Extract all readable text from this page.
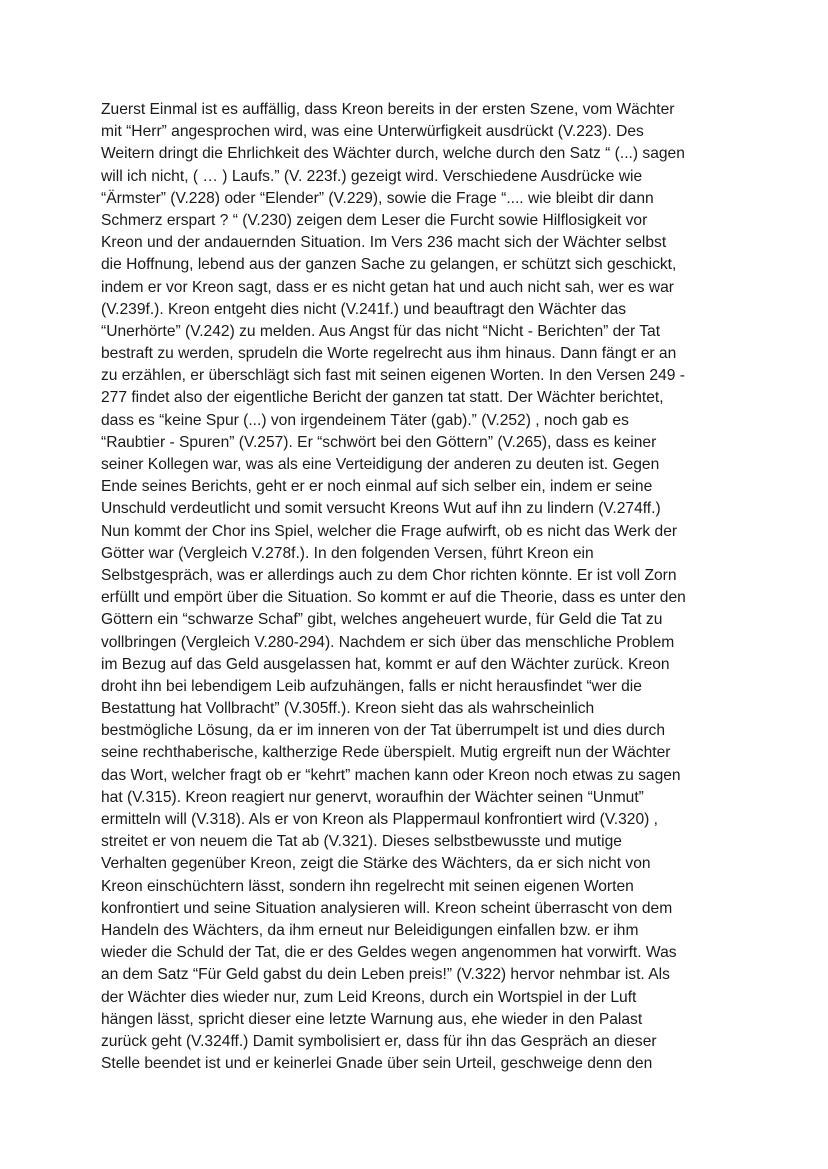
Zuerst Einmal ist es auffällig, dass Kreon bereits in der ersten Szene, vom Wächter
mit “Herr” angesprochen wird, was eine Unterwürfigkeit ausdrückt (V.223). Des
Weitern dringt die Ehrlichkeit des Wächter durch, welche durch den Satz “ (...) sagen
will ich nicht, ( … ) Laufs.” (V. 223f.) gezeigt wird. Verschiedene Ausdrücke wie
“Ärmster” (V.228) oder “Elender” (V.229), sowie die Frage “.... wie bleibt dir dann
Schmerz erspart ? “ (V.230) zeigen dem Leser die Furcht sowie Hilflosigkeit vor
Kreon und der andauernden Situation. Im Vers 236 macht sich der Wächter selbst
die Hoffnung, lebend aus der ganzen Sache zu gelangen, er schützt sich geschickt,
indem er vor Kreon sagt, dass er es nicht getan hat und auch nicht sah, wer es war
(V.239f.). Kreon entgeht dies nicht (V.241f.) und beauftragt den Wächter das
“Unerhörte” (V.242) zu melden. Aus Angst für das nicht “Nicht - Berichten” der Tat
bestraft zu werden, sprudeln die Worte regelrecht aus ihm hinaus. Dann fängt er an
zu erzählen, er überschlägt sich fast mit seinen eigenen Worten. In den Versen 249 -
277 findet also der eigentliche Bericht der ganzen tat statt. Der Wächter berichtet,
dass es “keine Spur (...) von irgendeinem Täter (gab).” (V.252) , noch gab es
“Raubtier - Spuren” (V.257). Er “schwört bei den Göttern” (V.265), dass es keiner
seiner Kollegen war, was als eine Verteidigung der anderen zu deuten ist. Gegen
Ende seines Berichts, geht er er noch einmal auf sich selber ein, indem er seine
Unschuld verdeutlicht und somit versucht Kreons Wut auf ihn zu lindern (V.274ff.)
Nun kommt der Chor ins Spiel, welcher die Frage aufwirft, ob es nicht das Werk der
Götter war (Vergleich V.278f.). In den folgenden Versen, führt Kreon ein
Selbstgespräch, was er allerdings auch zu dem Chor richten könnte. Er ist voll Zorn
erfüllt und empört über die Situation. So kommt er auf die Theorie, dass es unter den
Göttern ein “schwarze Schaf” gibt, welches angeheuert wurde, für Geld die Tat zu
vollbringen (Vergleich V.280-294). Nachdem er sich über das menschliche Problem
im Bezug auf das Geld ausgelassen hat, kommt er auf den Wächter zurück. Kreon
droht ihn bei lebendigem Leib aufzuhängen, falls er nicht herausfindet “wer die
Bestattung hat Vollbracht” (V.305ff.). Kreon sieht das als wahrscheinlich
bestmögliche Lösung, da er im inneren von der Tat überrumpelt ist und dies durch
seine rechthaberische, kaltherzige Rede überspielt. Mutig ergreift nun der Wächter
das Wort, welcher fragt ob er “kehrt” machen kann oder Kreon noch etwas zu sagen
hat (V.315). Kreon reagiert nur genervt, woraufhin der Wächter seinen “Unmut”
ermitteln will (V.318). Als er von Kreon als Plappermaul konfrontiert wird (V.320) ,
streitet er von neuem die Tat ab (V.321). Dieses selbstbewusste und mutige
Verhalten gegenüber Kreon, zeigt die Stärke des Wächters, da er sich nicht von
Kreon einschüchtern lässt, sondern ihn regelrecht mit seinen eigenen Worten
konfrontiert und seine Situation analysieren will. Kreon scheint überrascht von dem
Handeln des Wächters, da ihm erneut nur Beleidigungen einfallen bzw. er ihm
wieder die Schuld der Tat, die er des Geldes wegen angenommen hat vorwirft. Was
an dem Satz “Für Geld gabst du dein Leben preis!” (V.322) hervor nehmbar ist. Als
der Wächter dies wieder nur, zum Leid Kreons, durch ein Wortspiel in der Luft
hängen lässt, spricht dieser eine letzte Warnung aus, ehe wieder in den Palast
zurück geht (V.324ff.) Damit symbolisiert er, dass für ihn das Gespräch an dieser
Stelle beendet ist und er keinerlei Gnade über sein Urteil, geschweige denn den
